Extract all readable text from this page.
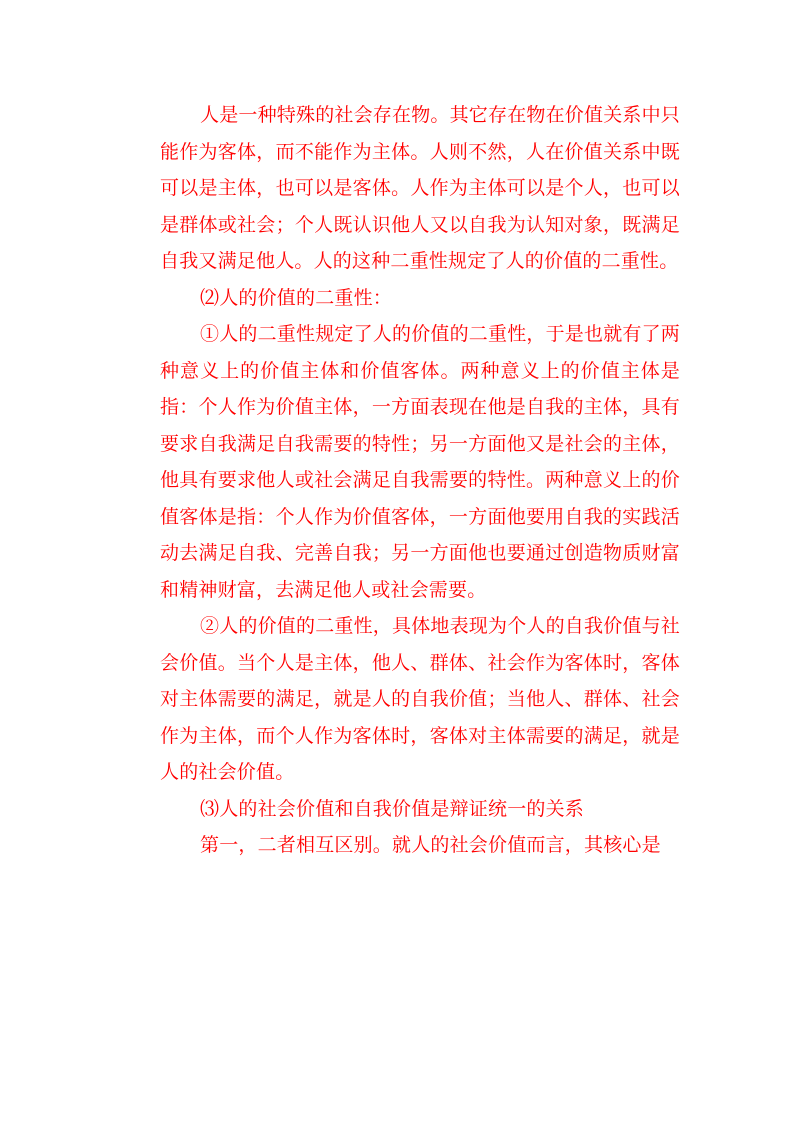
人是一种特殊的社会存在物。其它存在物在价值关系中只能作为客体，而不能作为主体。人则不然，人在价值关系中既可以是主体，也可以是客体。人作为主体可以是个人，也可以是群体或社会；个人既认识他人又以自我为认知对象，既满足自我又满足他人。人的这种二重性规定了人的价值的二重性。

⑵人的价值的二重性：

①人的二重性规定了人的价值的二重性，于是也就有了两种意义上的价值主体和价值客体。两种意义上的价值主体是指：个人作为价值主体，一方面表现在他是自我的主体，具有要求自我满足自我需要的特性；另一方面他又是社会的主体，他具有要求他人或社会满足自我需要的特性。两种意义上的价值客体是指：个人作为价值客体，一方面他要用自我的实践活动去满足自我、完善自我；另一方面他也要通过创造物质财富和精神财富，去满足他人或社会需要。

②人的价值的二重性，具体地表现为个人的自我价值与社会价值。当个人是主体，他人、群体、社会作为客体时，客体对主体需要的满足，就是人的自我价值；当他人、群体、社会作为主体，而个人作为客体时，客体对主体需要的满足，就是人的社会价值。

⑶人的社会价值和自我价值是辩证统一的关系

第一，二者相互区别。就人的社会价值而言，其核心是
